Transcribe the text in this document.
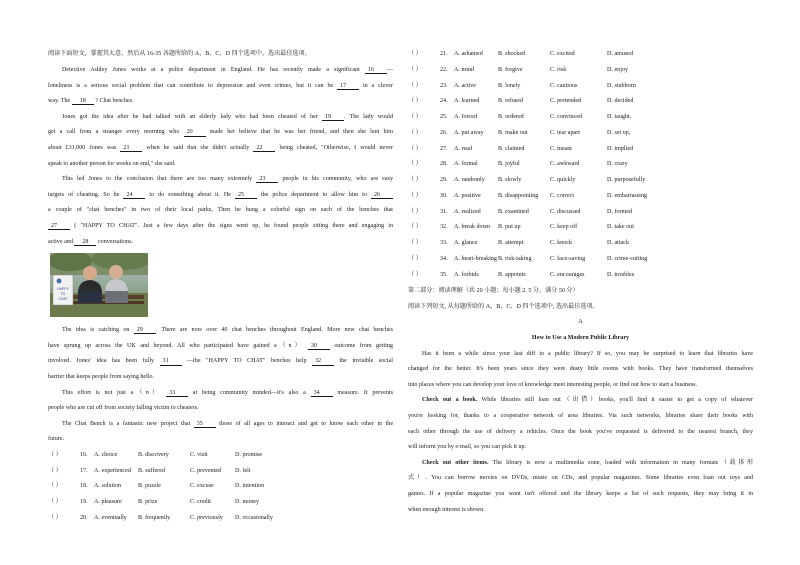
阅读下面短文，掌握其大意，然后从 16-35 各题所给的 A、B、C、D 四个选项中，选出最佳选项。
Detective Ashley Jones works at a police department in England. He has recently made a significant 16 —
loneliness is a serious social problem that can contribute to depression and even crimes, but it can be 17	in a clever
way. The 18 ? Chat benches.
Jones got the idea after he had talked with an elderly lady who had been cheated of her 19 . The lady would
get a call from a stranger every morning who 20	made her believe that he was her friend, and then she lent him
about £31,000 Jones was 21	when he said that she didn't actually 22	being cheated, "Otherwise, I would never
speak to another person for weeks on end," she said.
This led Jones to the conclusion that there are too many extremely 23	people in his community, who are easy
targets of cheating. So he 24	to do something about it. He 25	the police department to allow him to 26
a couple of "chat benches" in two of their local parks, Then he hung a colorful sign on each of the benches that
27	( "HAPPY TO CHAT". Just a few days after the signs went up, he found people sitting there and engaging in
active and 28 conversations.
HAPPY
TO
CHAT
The idea is catching on 29 . There are now over 40 chat benches throughout England. More new chat benches
have sprung up across the UK and beyond. All who participated have gained a（n） 30	outcome from getting
involved. Jones' idea has been fully 31	—the "HAPPY TO CHAT" benches help 32	the invisible social
barrier that keeps people from saying hello.
This effort is not just a（n） 33	at being community minded—it's also a 34	measure. It prevents
people who are cut off from society falling victim to cheaters.
The Chat Bench is a fantastic new project that 35	those of all ages to interact and get to know each other in the
future.
（ ）	16.	A. choice	B. discovery	C. visit	D. promise
（ ）	17.	A. experienced	B. suffered	C. prevented	D. felt
（ ）	18.	A. solution	B. puzzle	C. excuse	D. intention
（ ）	19.	A. pleasure	B. prize	C. credit	D. money
（ ）	20.	A. eventually	B. frequently	C. previously	D. occasionally
（ ）	21.	A. ashamed	B. shocked	C. excited	D. amused
（ ）	22.	A. mind	B. forgive	C. risk	D. enjoy
（ ）	23.	A. active	B. lonely	C. cautious	D. stubborn
（ ）	24.	A. learned	B. refused	C. pretended	D. decided
（ ）	25.	A. forced	B. ordered	C. convinced	D. taught.
（ ）	26.	A. put away	B. make out	C. tear apart	D. set up,
（ ）	27.	A. read	B. claimed	C. meant	D. implied
（ ）	28.	A. formal	B. joyful	C. awkward	D. crazy
（ ）	29.	A. randomly	B. slowly	C. quickly	D. purposefully
（ ）	30.	A. positive	B. disappointing	C. correct	D. embarrassing
（ ）	31.	A. realized	B. examined	C. discussed	D. formed
（ ）	32.	A. break down	B. put up	C. keep off	D. take out
（ ）	33.	A. glance	B. attempt	C. knock	D. attack
（ ）	34.	A. heart-breaking B. risk-taking	C. face-saving	D. crime-cutting
（ ）	35.	A. forbids	B. appoints	C. encourages	D. troubles
第二部分：阅读理解（共 20 小题；每小题 2. 5 分，满分 50 分）
阅读下列短文, 从每题所给的 A、B、C、D 四个选项中, 选出最佳选项。
A
How to Use a Modern Public Library
Has it been a while since your last diff to a public library? If so, you may be surprised to learn that libraries have
changed for the better. It's been years since they were dusty little rooms with books. They have transformed themselves
into places where you can develop your love of knowledge meet interesting people, or find out how to start a business.
Check out a book. While libraries still loan out（出借）books, you'll find it easier to get a copy of whatever
you're looking for, thanks to a cooperative network of area libraries. Via such networks, libraries share their books with
each other through the use of delivery a rehicles. Once the book you've requested is delivered to the nearest branch, they
will inform you by e-mail, so you can pick it up.
Check out other items. The library is now a multimedia zone, loaded with information in many formats（载体形
式）. You can borrow movies on DVDs, music on CDs, and popular magazines. Some libraries even loan out toys and
games. If a popular magazine you want isn't offered and the library keeps a list of such requests, they may bring it in
when enough interest is shown.
